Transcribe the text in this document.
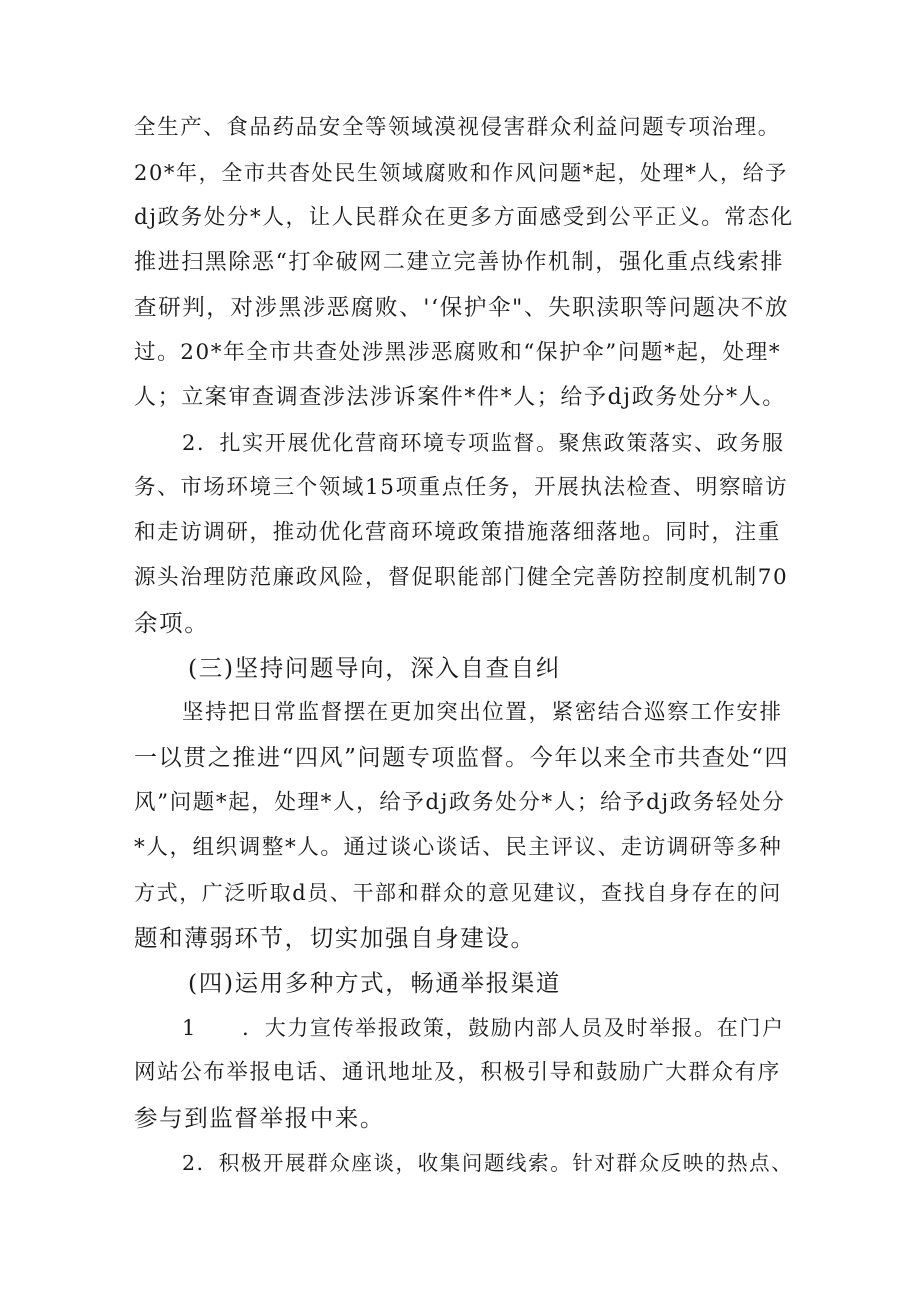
全生产、食品药品安全等领域漠视侵害群众利益问题专项治理。
20*年，全市共杳处民生领域腐败和作风问题*起，处理*人，给予
dj政务处分*人，让人民群众在更多方面感受到公平正义。常态化
推进扫黑除恶“打伞破网二建立完善协作机制，强化重点线索排
查研判，对涉黑涉恶腐败、'‘保护伞"、失职渎职等问题决不放
过。20*年全市共查处涉黑涉恶腐败和“保护伞”问题*起，处理*
人；立案审查调查涉法涉诉案件*件*人；给予dj政务处分*人。
2．扎实开展优化营商环境专项监督。聚焦政策落实、政务服
务、市场环境三个领域15项重点任务，开展执法检查、明察暗访
和走访调研，推动优化营商环境政策措施落细落地。同时，注重
源头治理防范廉政风险，督促职能部门健全完善防控制度机制70
余项。
(三)坚持问题导向，深入自查自纠
坚持把日常监督摆在更加突出位置，紧密结合巡察工作安排
一以贯之推进“四风”问题专项监督。今年以来全市共查处“四
风”问题*起，处理*人，给予dj政务处分*人；给予dj政务轻处分
*人，组织调整*人。通过谈心谈话、民主评议、走访调研等多种
方式，广泛听取d员、干部和群众的意见建议，查找自身存在的问
题和薄弱环节，切实加强自身建设。
(四)运用多种方式，畅通举报渠道
1　　．大力宣传举报政策，鼓励内部人员及时举报。在门户
网站公布举报电话、通讯地址及，积极引导和鼓励广大群众有序
参与到监督举报中来。
2．积极开展群众座谈，收集问题线索。针对群众反映的热点、
